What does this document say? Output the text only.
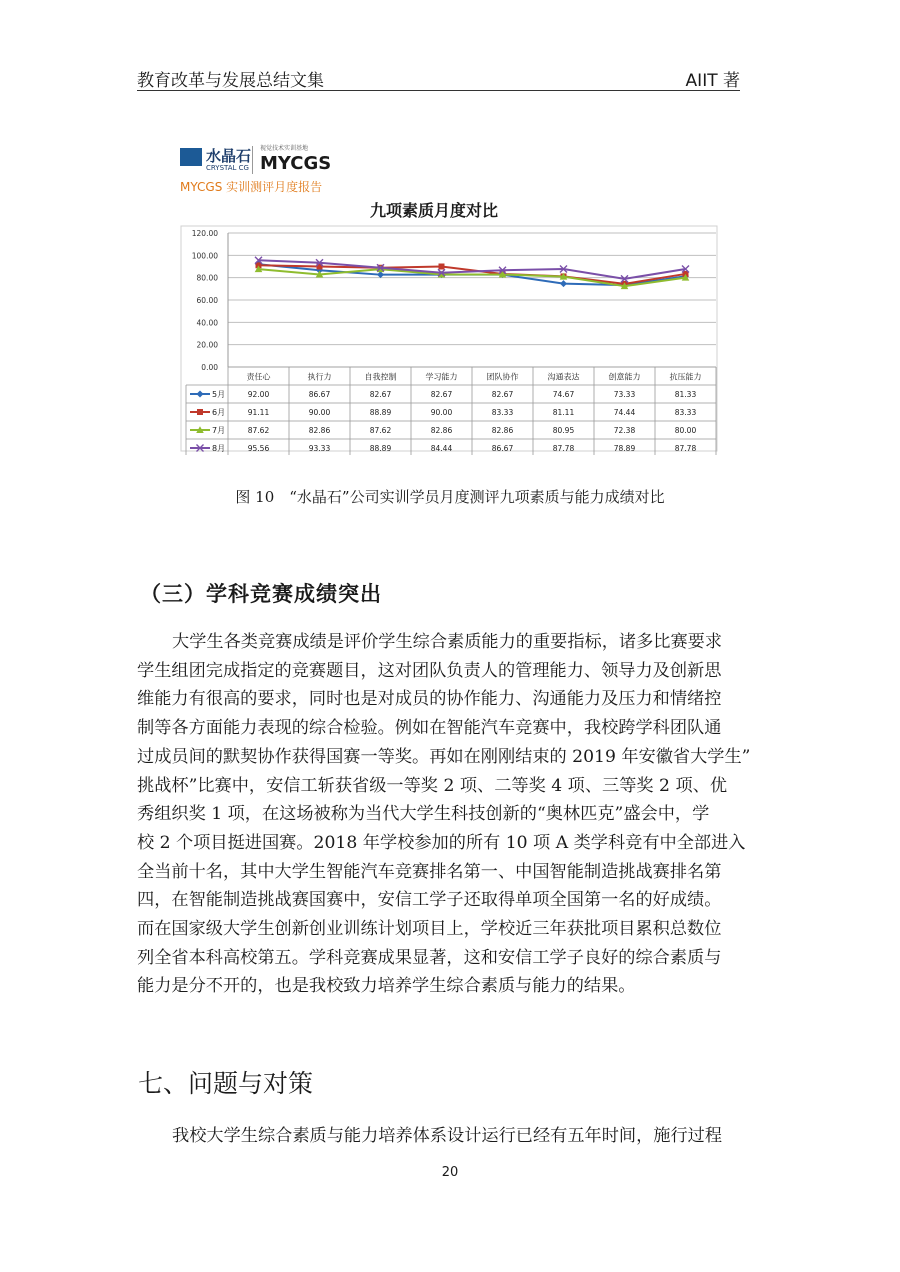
教育改革与发展总结文集	AIIT 著
水晶石
CRYSTAL CG
视觉技术实训基地
MYCGS
MYCGS 实训测评月度报告
九项素质月度对比
120.00
100.00
80.00
60.00
40.00
20.00
0.00
责任心	执行力	自我控制	学习能力	团队协作	沟通表达	创意能力	抗压能力
5月	92.00	86.67	82.67	82.67	82.67	74.67	73.33	81.33
6月	91.11	90.00	88.89	90.00	83.33	81.11	74.44	83.33
7月	87.62	82.86	87.62	82.86	82.86	80.95	72.38	80.00
8月	95.56	93.33	88.89	84.44	86.67	87.78	78.89	87.78
图 10　“水晶石”公司实训学员月度测评九项素质与能力成绩对比
（三）学科竞赛成绩突出
大学生各类竞赛成绩是评价学生综合素质能力的重要指标，诸多比赛要求
学生组团完成指定的竞赛题目，这对团队负责人的管理能力、领导力及创新思
维能力有很高的要求，同时也是对成员的协作能力、沟通能力及压力和情绪控
制等各方面能力表现的综合检验。例如在智能汽车竞赛中，我校跨学科团队通
过成员间的默契协作获得国赛一等奖。再如在刚刚结束的 2019 年安徽省大学生”
挑战杯”比赛中，安信工斩获省级一等奖 2 项、二等奖 4 项、三等奖 2 项、优
秀组织奖 1 项，在这场被称为当代大学生科技创新的“奥林匹克”盛会中，学
校 2 个项目挺进国赛。2018 年学校参加的所有 10 项 A 类学科竞有中全部进入
全当前十名，其中大学生智能汽车竞赛排名第一、中国智能制造挑战赛排名第
四，在智能制造挑战赛国赛中，安信工学子还取得单项全国第一名的好成绩。
而在国家级大学生创新创业训练计划项目上，学校近三年获批项目累积总数位
列全省本科高校第五。学科竞赛成果显著，这和安信工学子良好的综合素质与
能力是分不开的，也是我校致力培养学生综合素质与能力的结果。
七、问题与对策
我校大学生综合素质与能力培养体系设计运行已经有五年时间，施行过程
20
